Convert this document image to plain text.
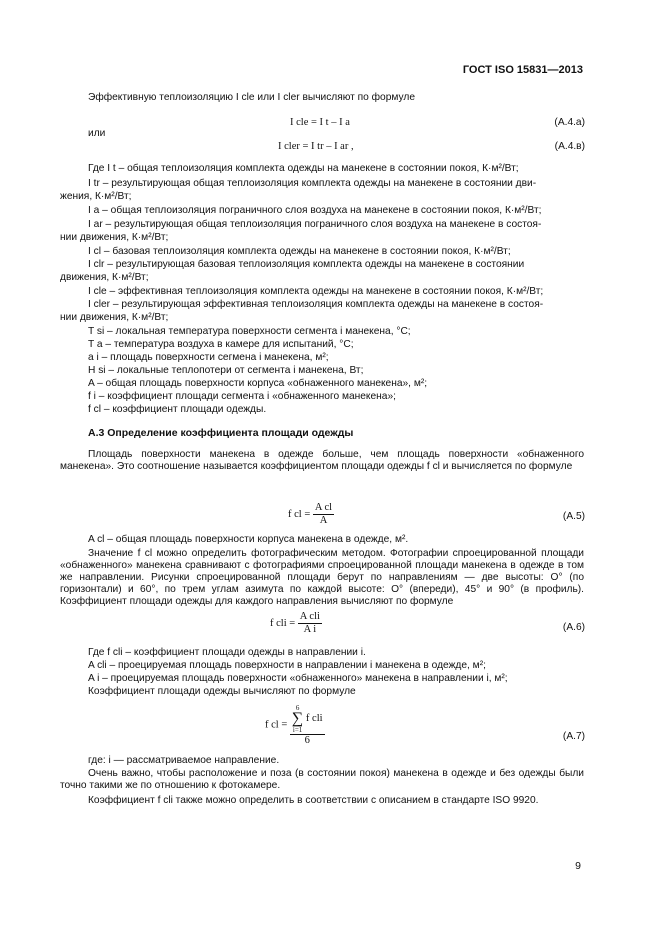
ГОСТ ISO 15831—2013
Эффективную теплоизоляцию I cle или I cler вычисляют по формуле
I cle = I t – I a	(А.4.а)
или
I cler = I tr – I ar ,	(А.4.в)
Где I t – общая теплоизоляция комплекта одежды на манекене в состоянии покоя, К·м²/Вт;
I tr – результирующая общая теплоизоляция комплекта одежды на манекене в состоянии дви-
жения, К·м²/Вт;
I a – общая теплоизоляция пограничного слоя воздуха на манекене в состоянии покоя, К·м²/Вт;
I ar – результирующая общая теплоизоляция пограничного слоя воздуха на манекене в состоя-
нии движения, К·м²/Вт;
I cl – базовая теплоизоляция комплекта одежды на манекене в состоянии покоя, К·м²/Вт;
I clr – результирующая базовая теплоизоляция комплекта одежды на манекене в состоянии
движения, К·м²/Вт;
I cle – эффективная теплоизоляция комплекта одежды на манекене в состоянии покоя, К·м²/Вт;
I cler – результирующая эффективная теплоизоляция комплекта одежды на манекене в состоя-
нии движения, К·м²/Вт;
T si – локальная температура поверхности сегмента i манекена, °С;
T a – температура воздуха в камере для испытаний, °С;
a i – площадь поверхности сегмена i манекена, м²;
H si – локальные теплопотери от сегмента i манекена, Вт;
A – общая площадь поверхности корпуса «обнаженного манекена», м²;
f i – коэффициент площади сегмента i «обнаженного манекена»;
f cl – коэффициент площади одежды.
А.3 Определение коэффициента площади одежды
Площадь поверхности манекена в одежде больше, чем площадь поверхности «обнаженного манекена». Это соотношение называется коэффициентом площади одежды f cl и вычисляется по формуле
f cl = $\frac{\text{A cl}}{A}$	(А.5)
A cl – общая площадь поверхности корпуса манекена в одежде, м².
Значение f cl можно определить фотографическим методом. Фотографии спроецированной площади «обнаженного» манекена сравнивают с фотографиями спроецированной площади манекена в одежде в том же направлении. Рисунки спроецированной площади берут по направлениям — две высоты: О° (по горизонтали) и 60°, по трем углам азимута по каждой высоте: О° (впереди), 45° и 90° (в профиль). Коэффициент площади одежды для каждого направления вычисляют по формуле
f cli = $\frac{\text{A cli}}{\text{A i}}$	(А.6)
Где f cli – коэффициент площади одежды в направлении i.
A cli – проецируемая площадь поверхности в направлении i манекена в одежде, м²;
A i – проецируемая площадь поверхности «обнаженного» манекена в направлении i, м²;
Коэффициент площади одежды вычисляют по формуле
f cl = 6
∑
i=1
f cli
6	(А.7)
где: i — рассматриваемое направление.
Очень важно, чтобы расположение и поза (в состоянии покоя) манекена в одежде и без одежды были точно такими же по отношению к фотокамере.
Коэффициент f cli также можно определить в соответствии с описанием в стандарте ISO 9920.
9
